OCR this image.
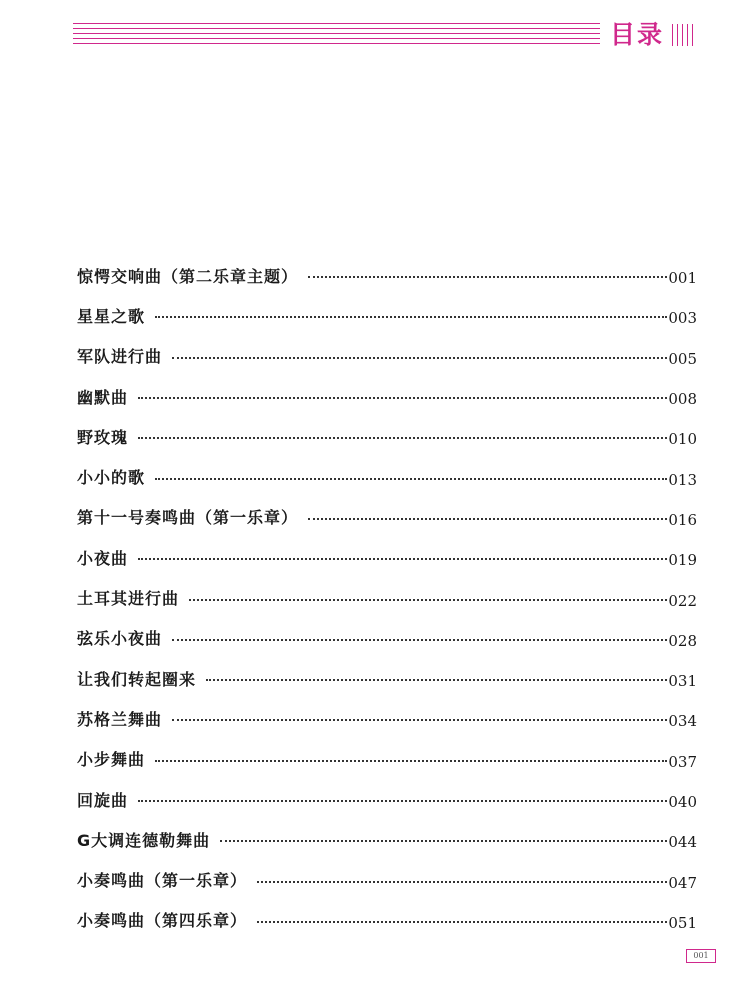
目录
惊愕交响曲（第二乐章主题）	001
星星之歌	003
军队进行曲	005
幽默曲	008
野玫瑰	010
小小的歌	013
第十一号奏鸣曲（第一乐章）	016
小夜曲	019
土耳其进行曲	022
弦乐小夜曲	028
让我们转起圈来	031
苏格兰舞曲	034
小步舞曲	037
回旋曲	040
G大调连德勒舞曲	044
小奏鸣曲（第一乐章）	047
小奏鸣曲（第四乐章）	051
001
